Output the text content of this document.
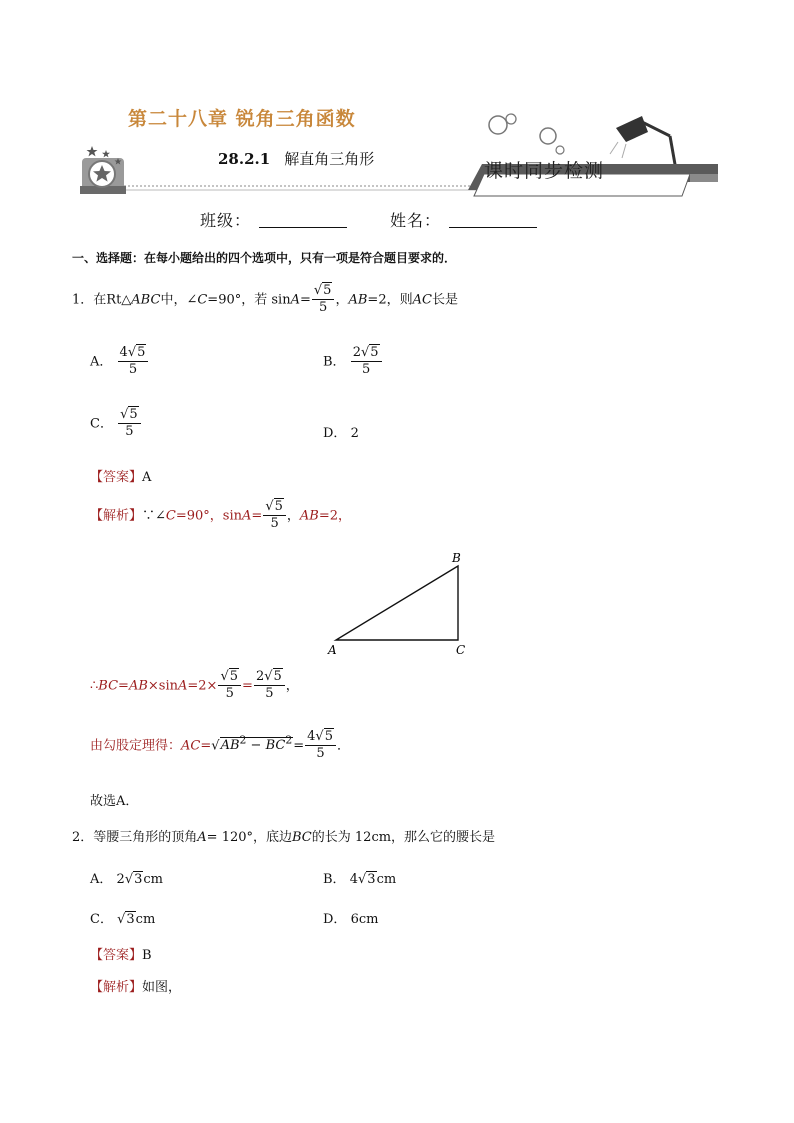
第二十八章 锐角三角函数
28.2.1 解直角三角形
课时同步检测
班级：	姓名：
一、选择题：在每小题给出的四个选项中，只有一项是符合题目要求的．
1．在Rt△ABC中，∠C=90°，若 $\sin A= \frac{√5}{5}$ ，AB=2，则AC长是
A． $\frac{4√5}{5}$	B． $\frac{2√5}{5}$
C． $\frac{√5}{5}$	D． 2
【答案】A
【解析】∵∠C=90°，$\sin A= \frac{√5}{5}$ ，AB=2，
A
B
C
∴BC=AB×sinA=2× $\frac{√5}{5} = \frac{2√5}{5}$ ，
由勾股定理得：$AC=√AB^2 - BC^2= \frac{4√5}{5}$ ．
故选A．
2．等腰三角形的顶角A= 120°，底边BC的长为 12cm，那么它的腰长是
A． 2√3cm	B． 4√3cm
C． √3cm	D． 6cm
【答案】B
【解析】如图，
